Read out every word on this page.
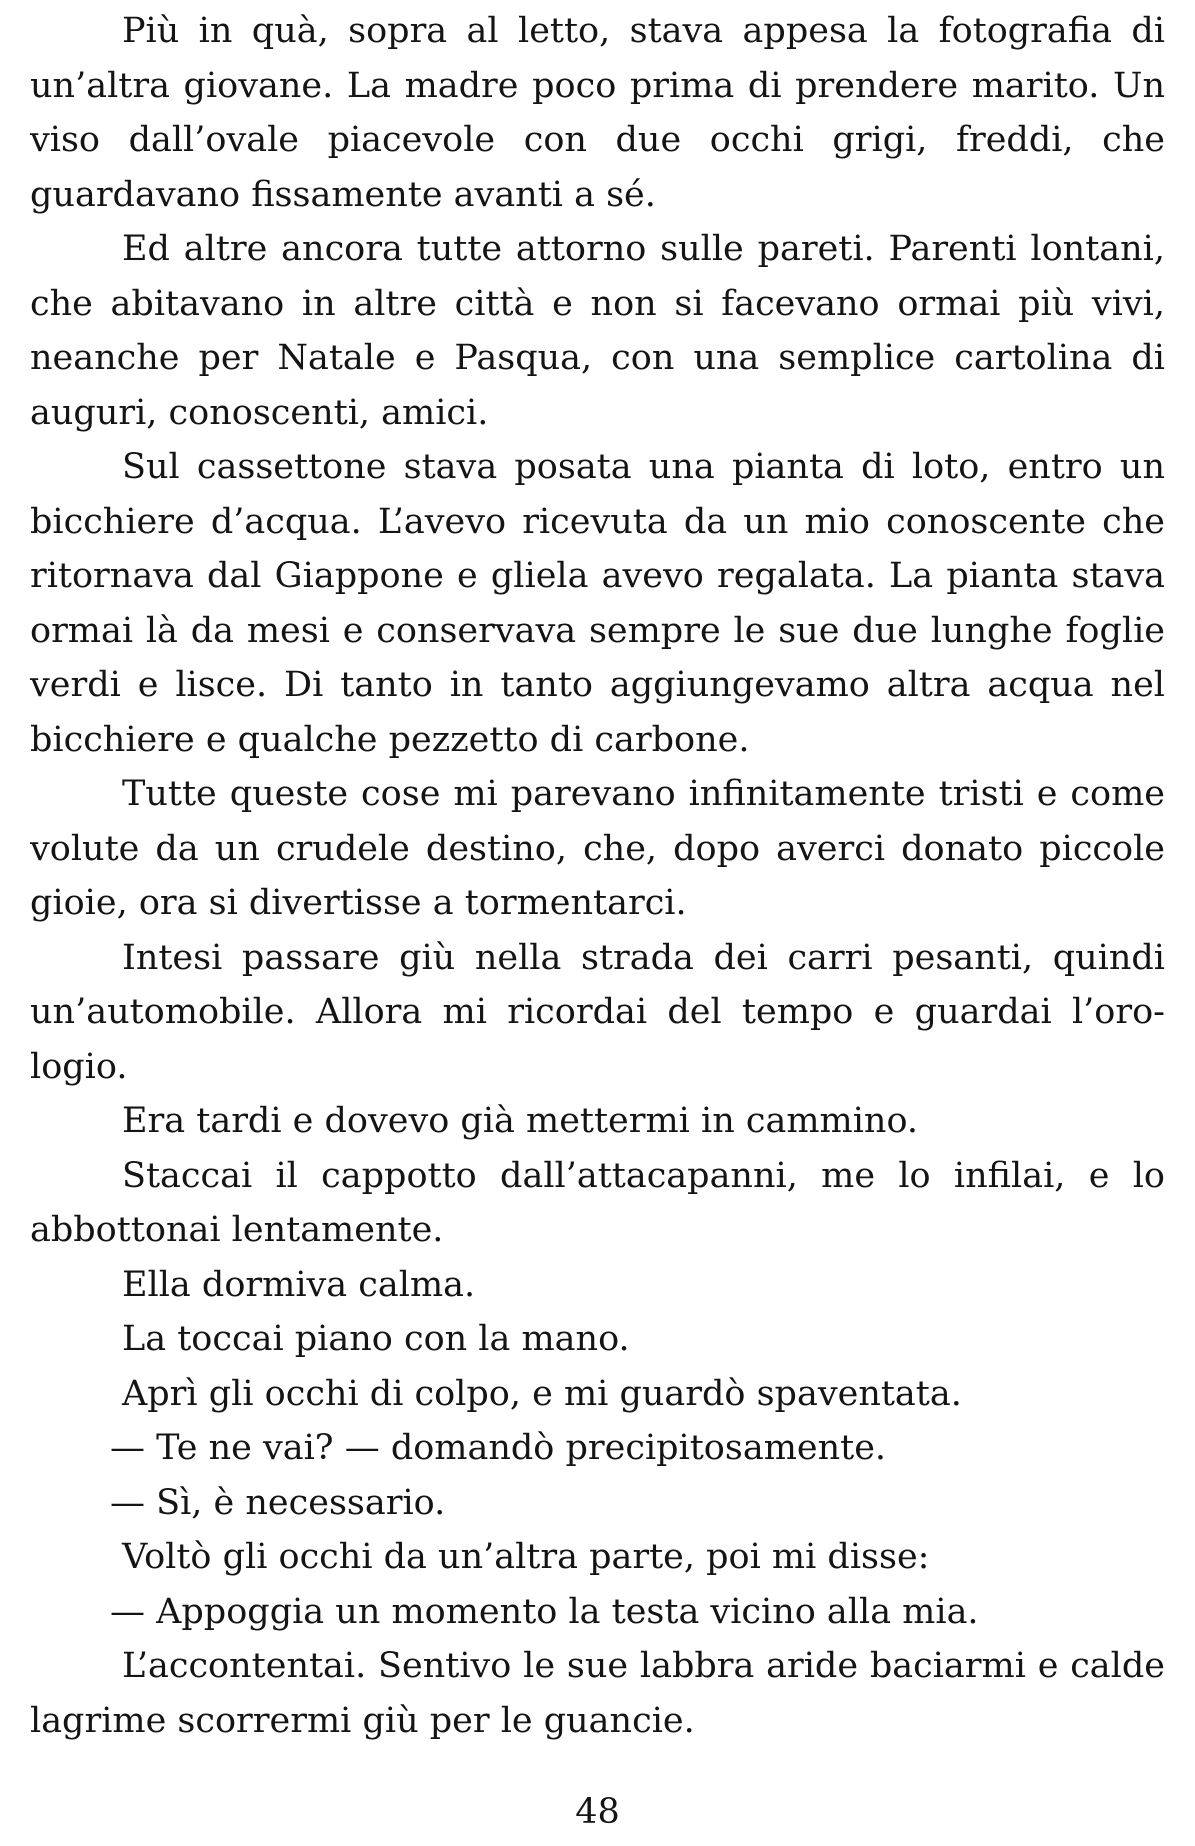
Più in quà, sopra al letto, stava appesa la fotografia di un’altra giovane. La madre poco prima di prendere marito. Un viso dall’ovale piacevole con due occhi grigi, freddi, che guardavano fissamente avanti a sé.

Ed altre ancora tutte attorno sulle pareti. Parenti lontani, che abitavano in altre città e non si facevano ormai più vivi, neanche per Natale e Pasqua, con una semplice cartolina di auguri, conoscenti, amici.

Sul cassettone stava posata una pianta di loto, entro un bicchiere d’acqua. L’avevo ricevuta da un mio conoscente che ritornava dal Giappone e gliela avevo regalata. La pianta stava ormai là da mesi e conservava sempre le sue due lunghe foglie verdi e lisce. Di tanto in tanto aggiungevamo altra acqua nel bicchiere e qualche pezzetto di carbone.

Tutte queste cose mi parevano infinitamente tristi e come volute da un crudele destino, che, dopo averci donato piccole gioie, ora si divertisse a tormentarci.

Intesi passare giù nella strada dei carri pesanti, quindi un’automobile. Allora mi ricordai del tempo e guardai l’orologio.

Era tardi e dovevo già mettermi in cammino.

Staccai il cappotto dall’attacapanni, me lo infilai, e lo abbottonai lentamente.

Ella dormiva calma.

La toccai piano con la mano.

Aprì gli occhi di colpo, e mi guardò spaventata.

— Te ne vai? — domandò precipitosamente.

— Sì, è necessario.

Voltò gli occhi da un’altra parte, poi mi disse:

— Appoggia un momento la testa vicino alla mia.

L’accontentai. Sentivo le sue labbra aride baciarmi e calde lagrime scorrermi giù per le guancie.

48
